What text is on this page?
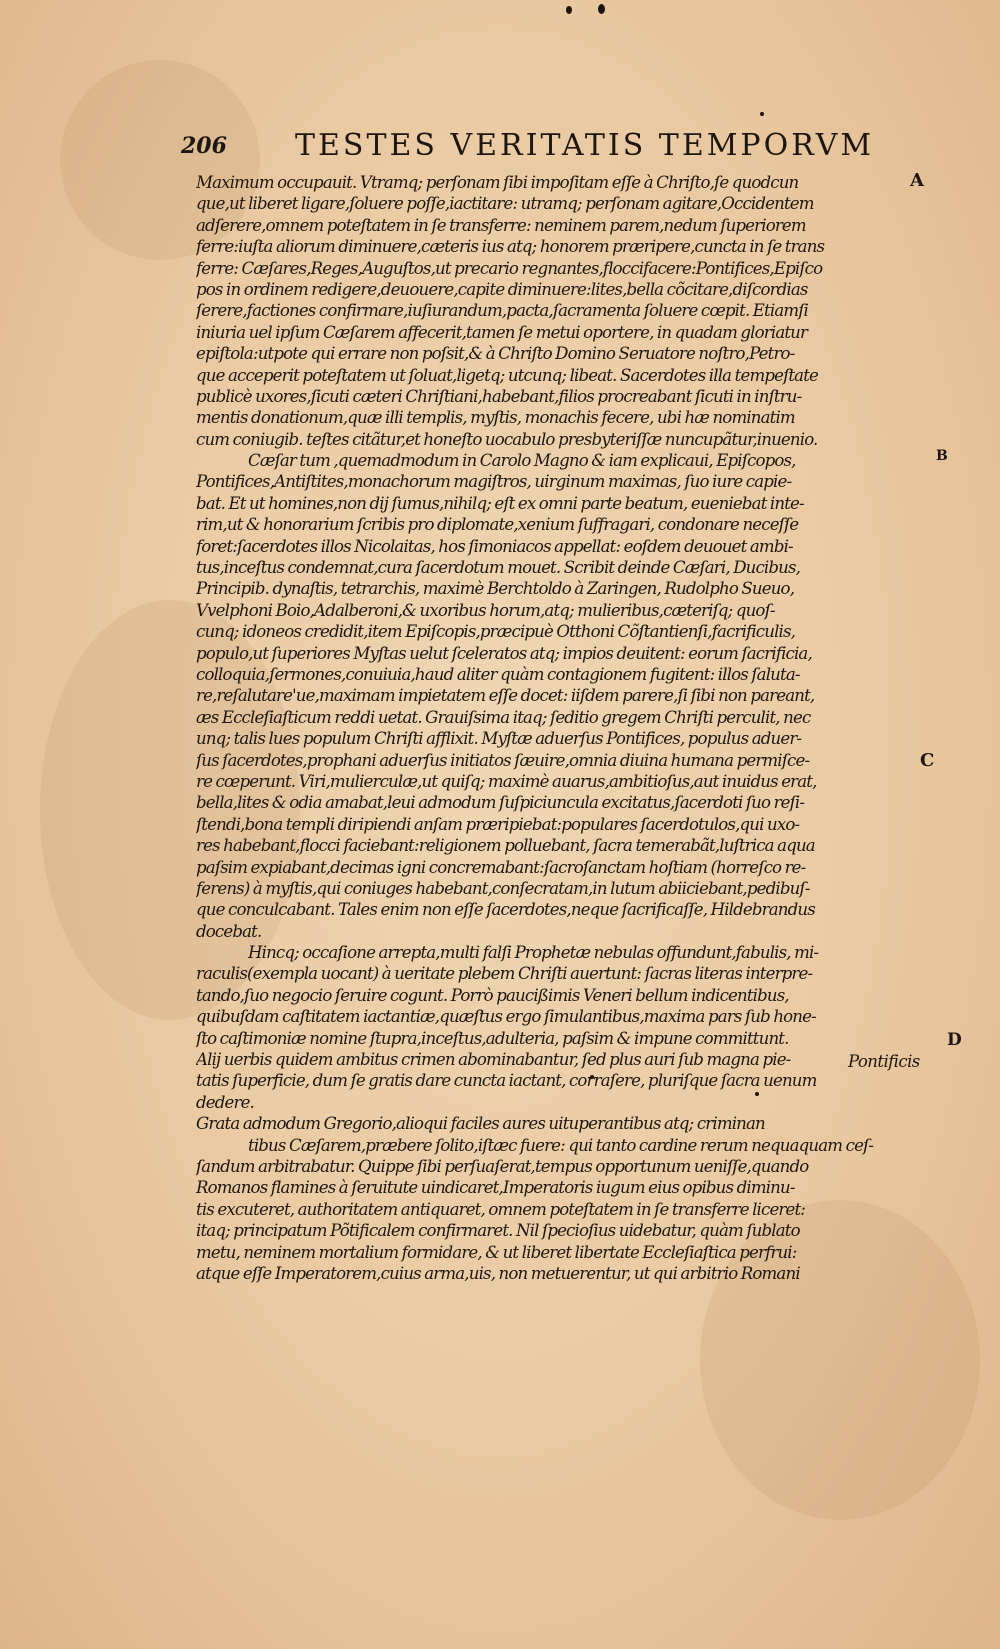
206 TESTES VERITATIS TEMPORVM
A
B
C
D
Maximum occupauit. Vtramq; perſonam ſibi impoſitam eſſe à Chriſto,ſe quodcun
que,ut liberet ligare,ſoluere poſſe,iactitare: utramq; perſonam agitare,Occidentem
adſerere,omnem poteſtatem in ſe transferre: neminem parem,nedum ſuperiorem
ferre:iuſta aliorum diminuere,cæteris ius atq; honorem præripere,cuncta in ſe trans
ferre: Cæſares,Reges,Auguſtos,ut precario regnantes,floccifacere:Pontifices,Epiſco
pos in ordinem redigere,deuouere,capite diminuere:lites,bella cõcitare,diſcordias
ſerere,factiones confirmare,iuſiurandum,pacta,ſacramenta ſoluere cœpit. Etiamſi
iniuria uel ipſum Cæſarem affecerit,tamen ſe metui oportere, in quadam gloriatur
epiſtola:utpote qui errare non poſsit,& à Chriſto Domino Seruatore noſtro,Petro-
que acceperit poteſtatem ut ſoluat,ligetq; utcunq; libeat. Sacerdotes illa tempeſtate
publicè uxores,ſicuti cæteri Chriſtiani,habebant,filios procreabant ſicuti in inſtru-
mentis donationum,quæ illi templis, myſtis, monachis fecere, ubi hæ nominatim
cum coniugib. teſtes citãtur,et honeſto uocabulo presbyteriſſæ nuncupãtur,inuenio.
Cæſar tum ,quemadmodum in Carolo Magno & iam explicaui, Epiſcopos,
Pontifices,Antiſtites,monachorum magiſtros, uirginum maximas, ſuo iure capie-
bat. Et ut homines,non dij ſumus,nihilq; eſt ex omni parte beatum, eueniebat inte-
rim,ut & honorarium ſcribis pro diplomate,xenium ſuffragari, condonare neceſſe
foret:ſacerdotes illos Nicolaitas, hos ſimoniacos appellat: eoſdem deuouet ambi-
tus,inceſtus condemnat,cura ſacerdotum mouet. Scribit deinde Cæſari, Ducibus,
Principib. dynaſtis, tetrarchis, maximè Berchtoldo à Zaringen, Rudolpho Sueuo,
Vvelphoni Boio,Adalberoni,& uxoribus horum,atq; mulieribus,cæteriſq; quoſ-
cunq; idoneos credidit,item Epiſcopis,præcipuè Otthoni Cõſtantienſi,facrificulis,
populo,ut ſuperiores Myſtas uelut ſceleratos atq; impios deuitent: eorum ſacrificia,
colloquia,ſermones,conuiuia,haud aliter quàm contagionem fugitent: illos ſaluta-
re,reſalutare'ue,maximam impietatem eſſe docet: iiſdem parere,ſi ſibi non pareant,
æs Eccleſiaſticum reddi uetat. Grauiſsima itaq; ſeditio gregem Chriſti perculit, nec
unq; talis lues populum Chriſti afflixit. Myſtæ aduerſus Pontifices, populus aduer-
ſus ſacerdotes,prophani aduerſus initiatos ſæuire,omnia diuina humana permiſce-
re cœperunt. Viri,mulierculæ,ut quiſq; maximè auarus,ambitioſus,aut inuidus erat,
bella,lites & odia amabat,leui admodum ſuſpiciuncula excitatus,ſacerdoti ſuo reſi-
ſtendi,bona templi diripiendi anſam præripiebat:populares ſacerdotulos,qui uxo-
res habebant,flocci faciebant:religionem polluebant, ſacra temerabãt,luſtrica aqua
paſsim expiabant,decimas igni concremabant:ſacroſanctam hoſtiam (horreſco re-
ferens) à myſtis,qui coniuges habebant,conſecratam,in lutum abiiciebant,pedibuſ-
que conculcabant. Tales enim non eſſe ſacerdotes,neque ſacrificaſſe, Hildebrandus
docebat.
Hincq; occaſione arrepta,multi falſi Prophetæ nebulas offundunt,fabulis, mi-
raculis(exempla uocant) à ueritate plebem Chriſti auertunt: ſacras literas interpre-
tando,ſuo negocio ſeruire cogunt. Porrò paucißimis Veneri bellum indicentibus,
quibuſdam caſtitatem iactantiæ,quæſtus ergo ſimulantibus,maxima pars ſub hone-
ſto caſtimoniæ nomine ſtupra,inceſtus,adulteria, paſsim & impune committunt.
Alij uerbis quidem ambitus crimen abominabantur, ſed plus auri ſub magna pie-
tatis ſuperficie, dum ſe gratis dare cuncta iactant, corraſere, pluriſque ſacra uenum
dedere.
Grata admodum Gregorio,alioqui faciles aures uituperantibus atq; criminan
tibus Cæſarem,præbere ſolito,iſtæc fuere: qui tanto cardine rerum nequaquam ceſ-
ſandum arbitrabatur. Quippe ſibi perſuaſerat,tempus opportunum ueniſſe,quando
Romanos flamines à ſeruitute uindicaret,Imperatoris iugum eius opibus diminu-
tis excuteret, authoritatem antiquaret, omnem poteſtatem in ſe transferre liceret:
itaq; principatum Põtificalem confirmaret. Nil ſpecioſius uidebatur, quàm ſublato
metu, neminem mortalium formidare, & ut liberet libertate Eccleſiaſtica perfrui:
atque eſſe Imperatorem,cuius arma,uis, non metuerentur, ut qui arbitrio Romani
Pontificis
